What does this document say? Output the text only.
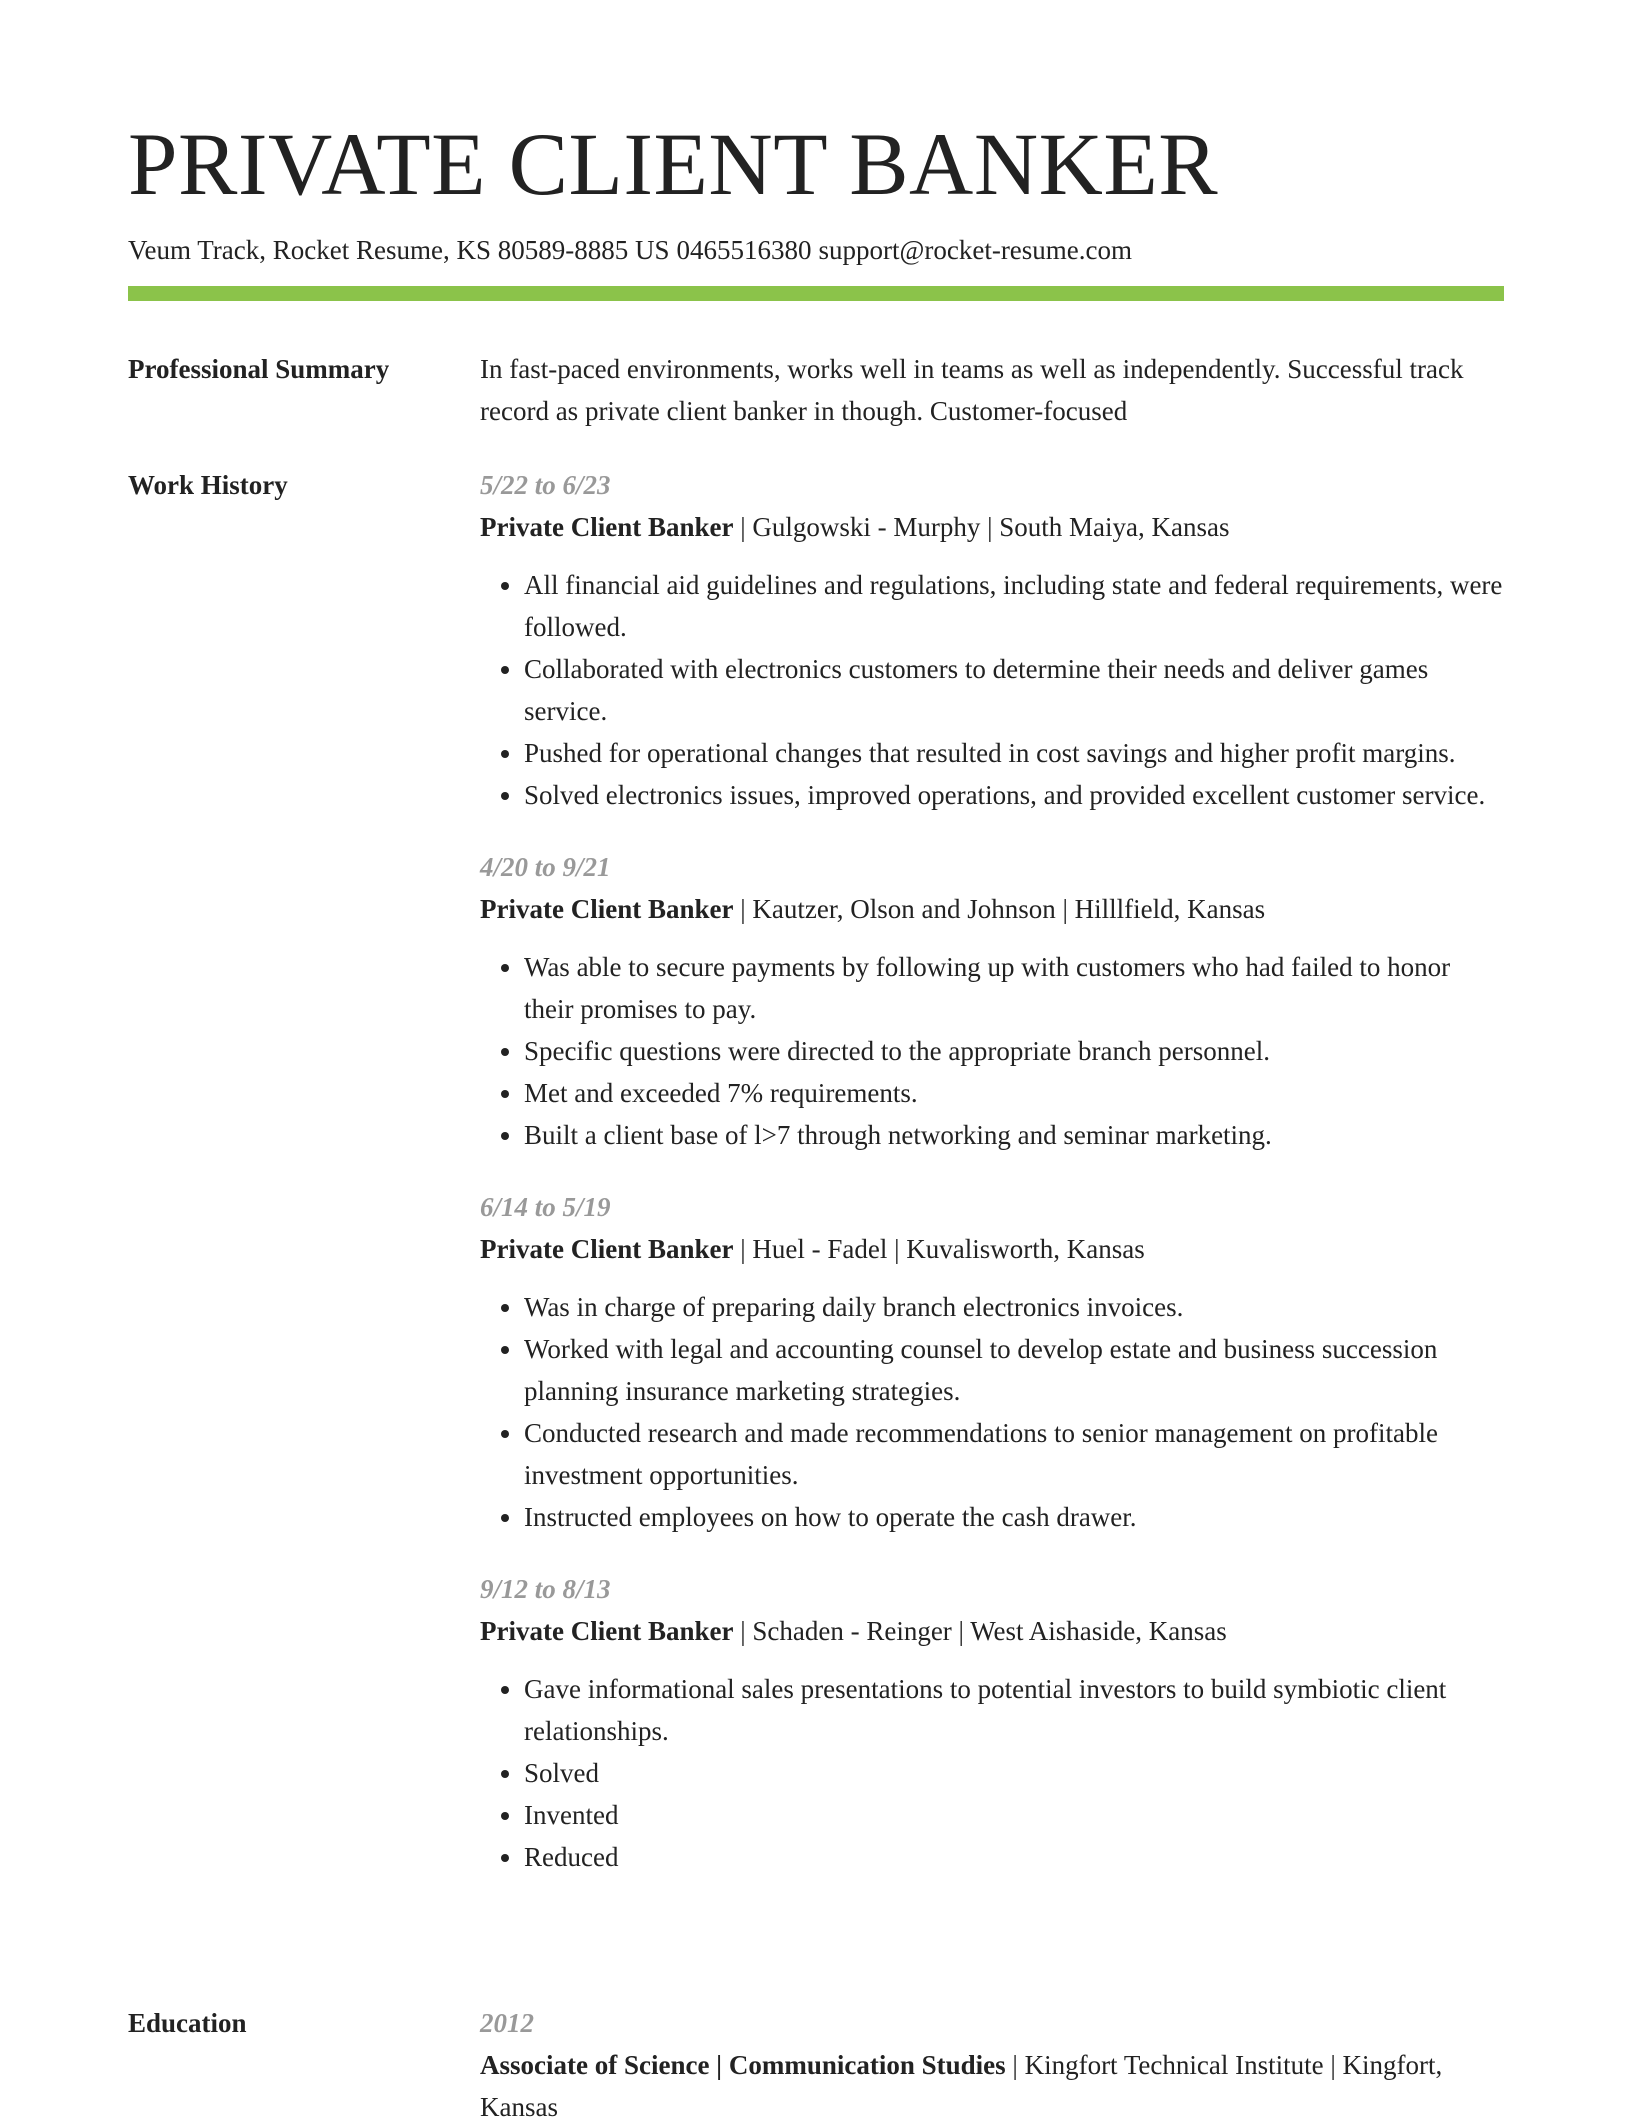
PRIVATE CLIENT BANKER
Veum Track, Rocket Resume, KS 80589-8885 US 0465516380 support@rocket-resume.com
Professional Summary	In fast-paced environments, works well in teams as well as independently. Successful track record as private client banker in though. Customer-focused

Work History	5/22 to 6/23
Private Client Banker | Gulgowski - Murphy | South Maiya, Kansas
• All financial aid guidelines and regulations, including state and federal requirements, were followed.
• Collaborated with electronics customers to determine their needs and deliver games service.
• Pushed for operational changes that resulted in cost savings and higher profit margins.
• Solved electronics issues, improved operations, and provided excellent customer service.
4/20 to 9/21
Private Client Banker | Kautzer, Olson and Johnson | Hilllfield, Kansas
• Was able to secure payments by following up with customers who had failed to honor their promises to pay.
• Specific questions were directed to the appropriate branch personnel.
• Met and exceeded 7% requirements.
• Built a client base of l>7 through networking and seminar marketing.
6/14 to 5/19
Private Client Banker | Huel - Fadel | Kuvalisworth, Kansas
• Was in charge of preparing daily branch electronics invoices.
• Worked with legal and accounting counsel to develop estate and business succession planning insurance marketing strategies.
• Conducted research and made recommendations to senior management on profitable investment opportunities.
• Instructed employees on how to operate the cash drawer.
9/12 to 8/13
Private Client Banker | Schaden - Reinger | West Aishaside, Kansas
• Gave informational sales presentations to potential investors to build symbiotic client relationships.
• Solved
• Invented
• Reduced
Education	2012
Associate of Science | Communication Studies | Kingfort Technical Institute | Kingfort, Kansas
